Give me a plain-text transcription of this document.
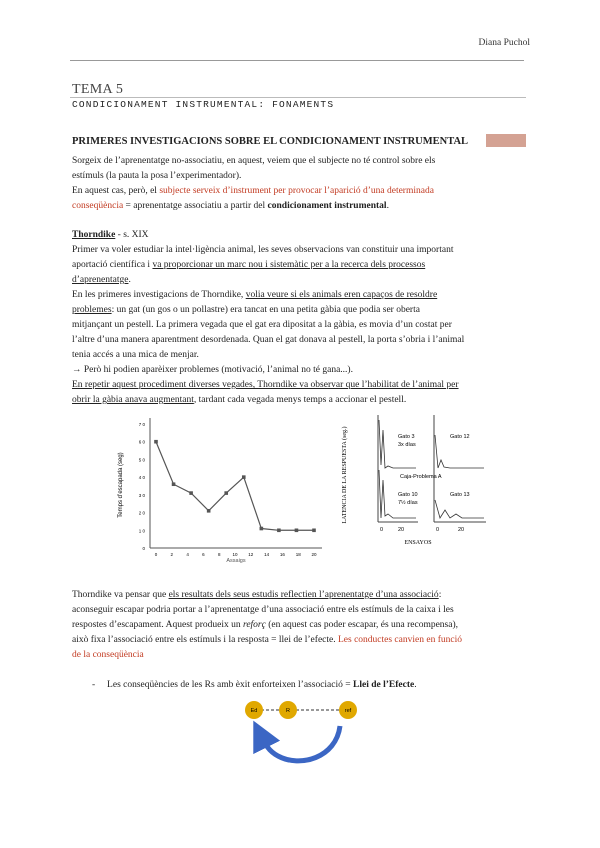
Diana Puchol
TEMA 5
CONDICIONAMENT INSTRUMENTAL: FONAMENTS
PRIMERES INVESTIGACIONS SOBRE EL CONDICIONAMENT INSTRUMENTAL
Sorgeix de l’aprenentatge no-associatiu, en aquest, veiem que el subjecte no té control sobre els
estímuls (la pauta la posa l’experimentador).
En aquest cas, però, el subjecte serveix d’instrument per provocar l’aparició d’una determinada
conseqüència = aprenentatge associatiu a partir del condicionament instrumental.
Thorndike - s. XIX
Primer va voler estudiar la intel·ligència animal, les seves observacions van constituir una important
aportació científica i va proporcionar un marc nou i sistemàtic per a la recerca dels processos
d’aprenentatge.
En les primeres investigacions de Thorndike, volia veure si els animals eren capaços de resoldre
problemes: un gat (un gos o un pollastre) era tancat en una petita gàbia que podia ser oberta
mitjançant un pestell. La primera vegada que el gat era dipositat a la gàbia, es movia d’un costat per
l’altre d’una manera aparentment desordenada. Quan el gat donava al pestell, la porta s’obria i l’animal
tenia accés a una mica de menjar.
→ Però hi podien aparèixer problemes (motivació, l’animal no té gana...).
En repetir aquest procediment diverses vegades, Thorndike va observar que l’habilitat de l’animal per
obrir la gàbia anava augmentant, tardant cada vegada menys temps a accionar el pestell.
Temps d’escapada (seg)
Assaigs
7 0
6 0
5 0
4 0
3 0
2 0
1 0
0
0	2	4	6	8	10 12 14 16 18 20
LATENCIA DE LA RESPUESTA (seg.)	Gato 3
3x días
Gato 12
Caja-Problema A
Gato 10
7½ días
Gato 13
0	20	0	20
ENSAYOS
Thorndike va pensar que els resultats dels seus estudis reflectien l’aprenentatge d’una associació:
aconseguir escapar podria portar a l’aprenentatge d’una associació entre els estímuls de la caixa i les
respostes d’escapament. Aquest produeix un reforç (en aquest cas poder escapar, és una recompensa),
això fixa l’associació entre els estímuls i la resposta = llei de l’efecte. Les conductes canvien en funció
de la conseqüència
- Les conseqüències de les Rs amb èxit enforteixen l’associació = Llei de l’Efecte.
Ed	R	ref
